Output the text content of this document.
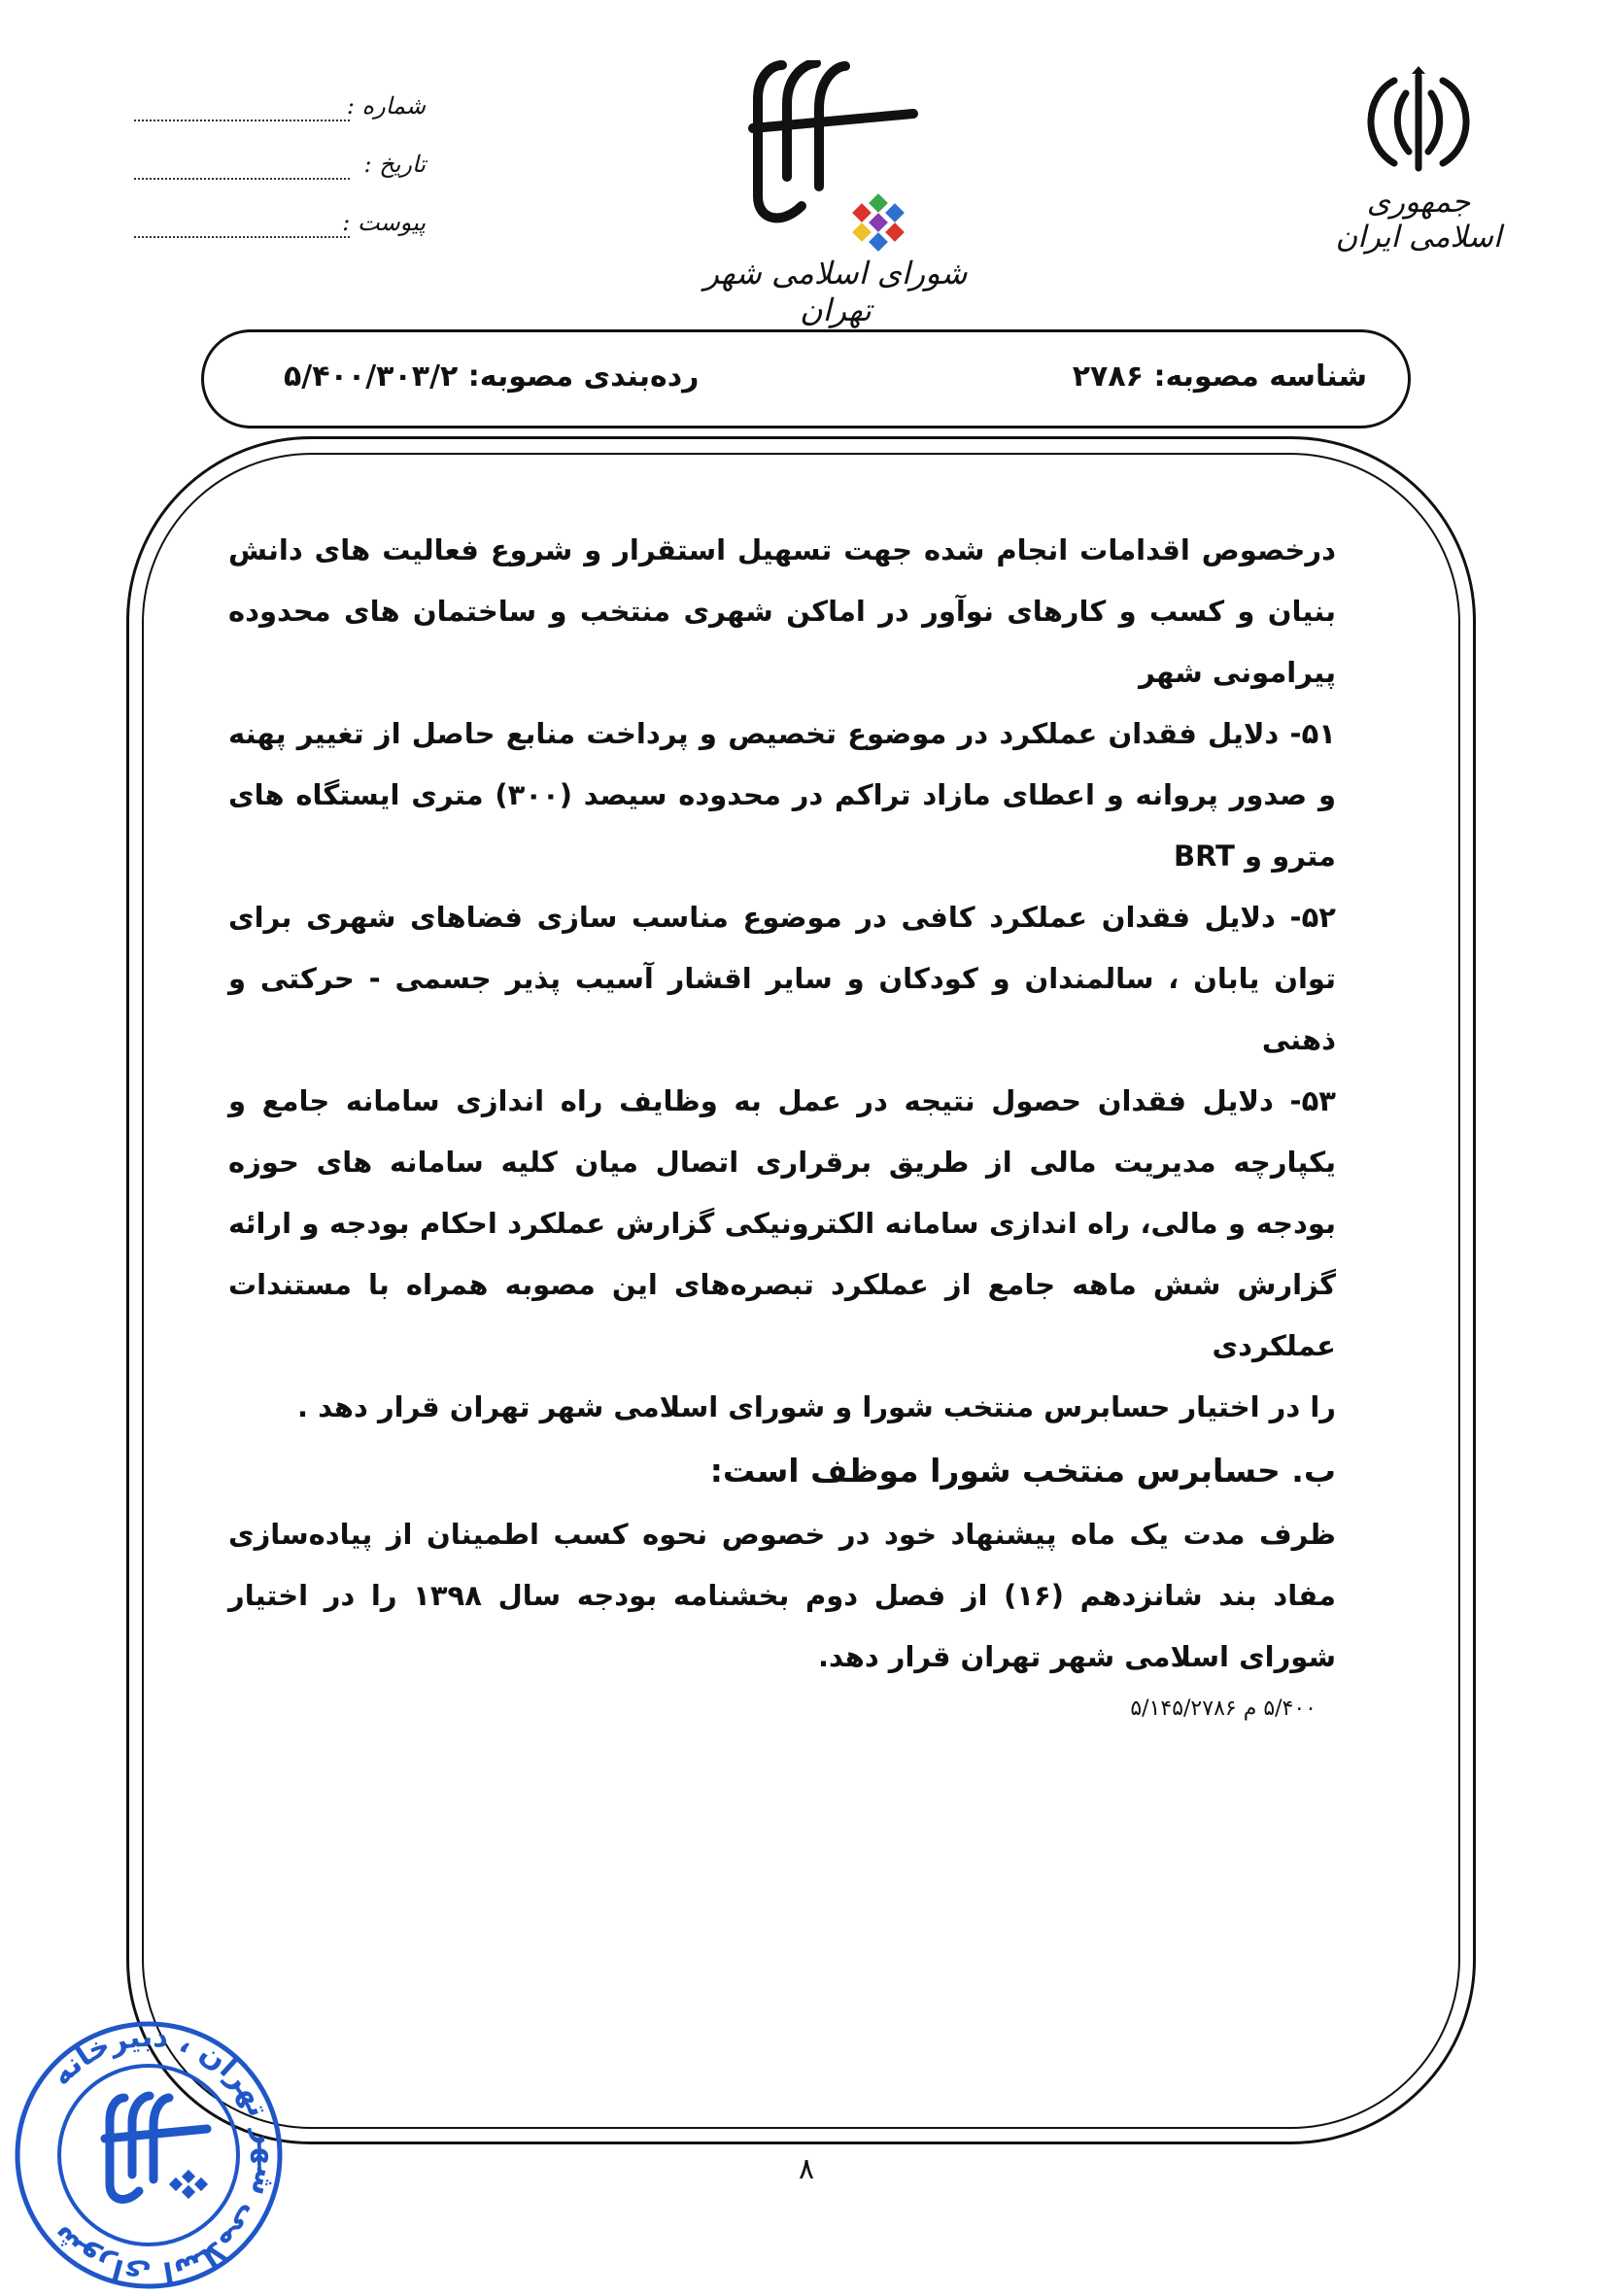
جمهوری اسلامی ایران
شورای اسلامی شهر تهران
شماره :
تاریخ :
پیوست :
شناسه مصوبه: ۲۷۸۶
رده‌بندی مصوبه: ۵/۴۰۰/۳۰۳/۲

درخصوص اقدامات انجام شده جهت تسهیل استقرار و شروع فعالیت های دانش بنیان و کسب و کارهای نوآور در اماکن شهری منتخب و ساختمان های محدوده پیرامونی شهر

۵۱- دلایل فقدان عملکرد در موضوع تخصیص و پرداخت منابع حاصل از تغییر پهنه و صدور پروانه و اعطای مازاد تراکم در محدوده سیصد (۳۰۰) متری ایستگاه های مترو و BRT

۵۲- دلایل فقدان عملکرد کافی در موضوع مناسب سازی فضاهای شهری برای توان یابان ، سالمندان و کودکان و سایر اقشار آسیب پذیر جسمی - حرکتی و ذهنی

۵۳- دلایل فقدان حصول نتیجه در عمل به وظایف راه اندازی سامانه جامع و یکپارچه مدیریت مالی از طریق برقراری اتصال میان کلیه سامانه های حوزه بودجه و مالی، راه اندازی سامانه الکترونیکی گزارش عملکرد احکام بودجه و ارائه گزارش شش ماهه جامع از عملکرد تبصره‌های این مصوبه همراه با مستندات عملکردی

را در اختیار حسابرس منتخب شورا و شورای اسلامی شهر تهران قرار دهد .

ب. حسابرس منتخب شورا موظف است:

ظرف مدت یک ماه پیشنهاد خود در خصوص نحوه کسب اطمینان از پیاده‌سازی مفاد بند شانزدهم (۱۶) از فصل دوم بخشنامه بودجه سال ۱۳۹۸ را در اختیار شورای اسلامی شهر تهران قرار دهد.

۵/۴۰۰ م ۵/۱۴۵/۲۷۸۶

۸
شورای اسلامی شهر تهران ، دبیرخانه
